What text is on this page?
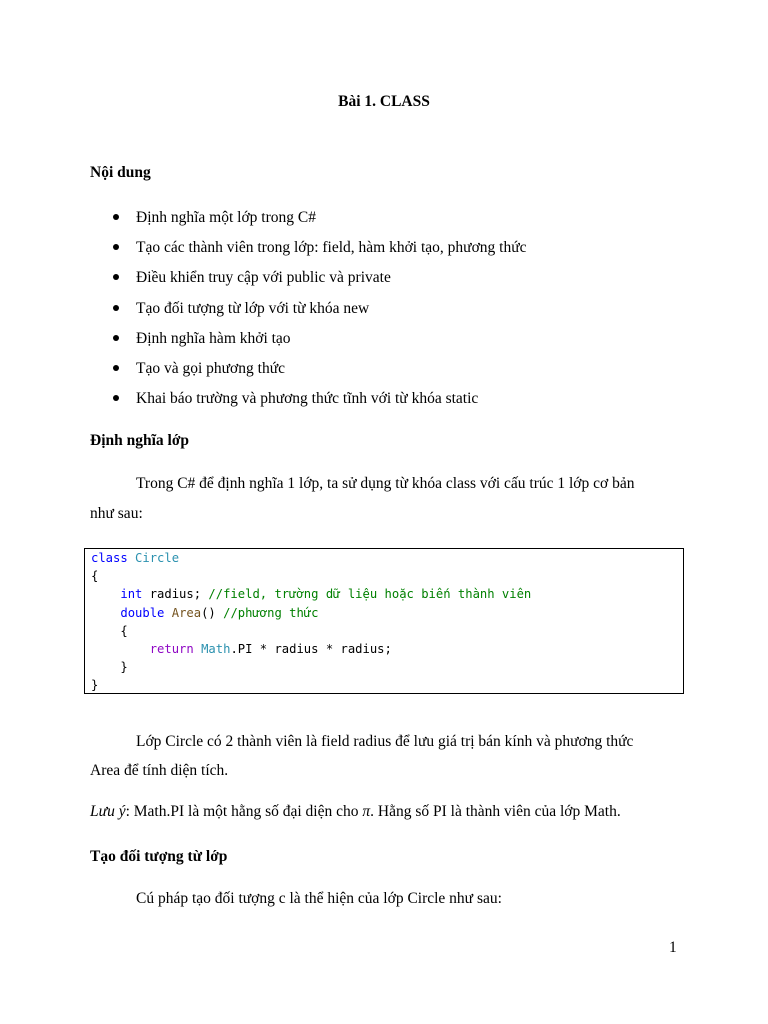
Bài 1. CLASS
Nội dung
Định nghĩa một lớp trong C#
Tạo các thành viên trong lớp: field, hàm khởi tạo, phương thức
Điều khiển truy cập với public và private
Tạo đối tượng từ lớp với từ khóa new
Định nghĩa hàm khởi tạo
Tạo và gọi phương thức
Khai báo trường và phương thức tĩnh với từ khóa static
Định nghĩa lớp
Trong C# để định nghĩa 1 lớp, ta sử dụng từ khóa class với cấu trúc 1 lớp cơ bản
như sau:
class Circle
{
int radius; //field, trường dữ liệu hoặc biến thành viên
double Area() //phương thức
{
return Math.PI * radius * radius;
}
}
Lớp Circle có 2 thành viên là field radius để lưu giá trị bán kính và phương thức
Area để tính diện tích.
Lưu ý: Math.PI là một hằng số đại diện cho π. Hằng số PI là thành viên của lớp Math.
Tạo đối tượng từ lớp
Cú pháp tạo đối tượng c là thể hiện của lớp Circle như sau:
1
